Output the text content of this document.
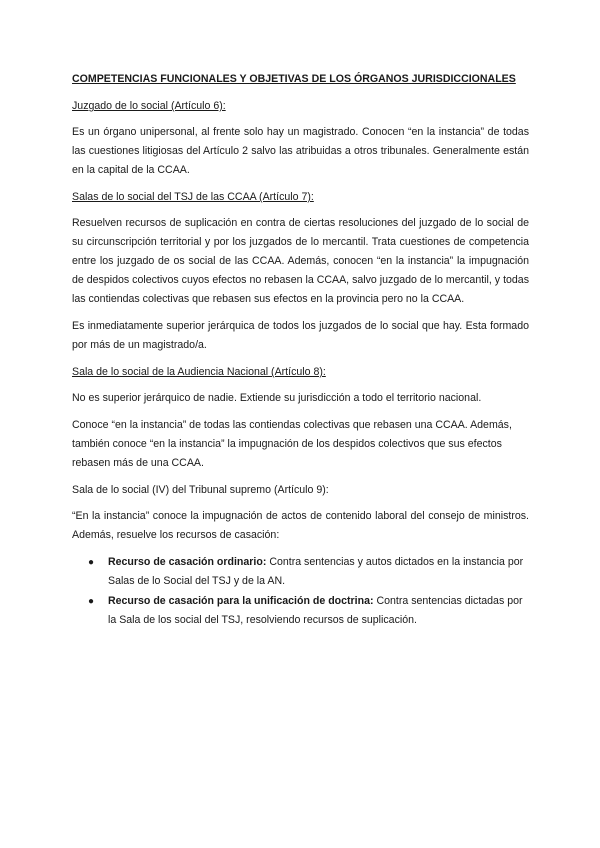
COMPETENCIAS FUNCIONALES Y OBJETIVAS DE LOS ÓRGANOS JURISDICCIONALES
Juzgado de lo social (Artículo 6):

Es un órgano unipersonal, al frente solo hay un magistrado. Conocen “en la instancia” de todas las cuestiones litigiosas del Artículo 2 salvo las atribuidas a otros tribunales. Generalmente están en la capital de la CCAA.

Salas de lo social del TSJ de las CCAA (Artículo 7):

Resuelven recursos de suplicación en contra de ciertas resoluciones del juzgado de lo social de su circunscripción territorial y por los juzgados de lo mercantil. Trata cuestiones de competencia entre los juzgado de os social de las CCAA. Además, conocen “en la instancia” la impugnación de despidos colectivos cuyos efectos no rebasen la CCAA, salvo juzgado de lo mercantil, y todas las contiendas colectivas que rebasen sus efectos en la provincia pero no la CCAA.

Es inmediatamente superior jerárquica de todos los juzgados de lo social que hay. Esta formado por más de un magistrado/a.

Sala de lo social de la Audiencia Nacional (Artículo 8):

No es superior jerárquico de nadie. Extiende su jurisdicción a todo el territorio nacional.

Conoce “en la instancia” de todas las contiendas colectivas que rebasen una CCAA. Además, también conoce “en la instancia” la impugnación de los despidos colectivos que sus efectos rebasen más de una CCAA.

Sala de lo social (IV) del Tribunal supremo (Artículo 9):

“En la instancia” conoce la impugnación de actos de contenido laboral del consejo de ministros. Además, resuelve los recursos de casación:

● Recurso de casación ordinario: Contra sentencias y autos dictados en la instancia por Salas de lo Social del TSJ y de la AN.
● Recurso de casación para la unificación de doctrina: Contra sentencias dictadas por la Sala de los social del TSJ, resolviendo recursos de suplicación.
